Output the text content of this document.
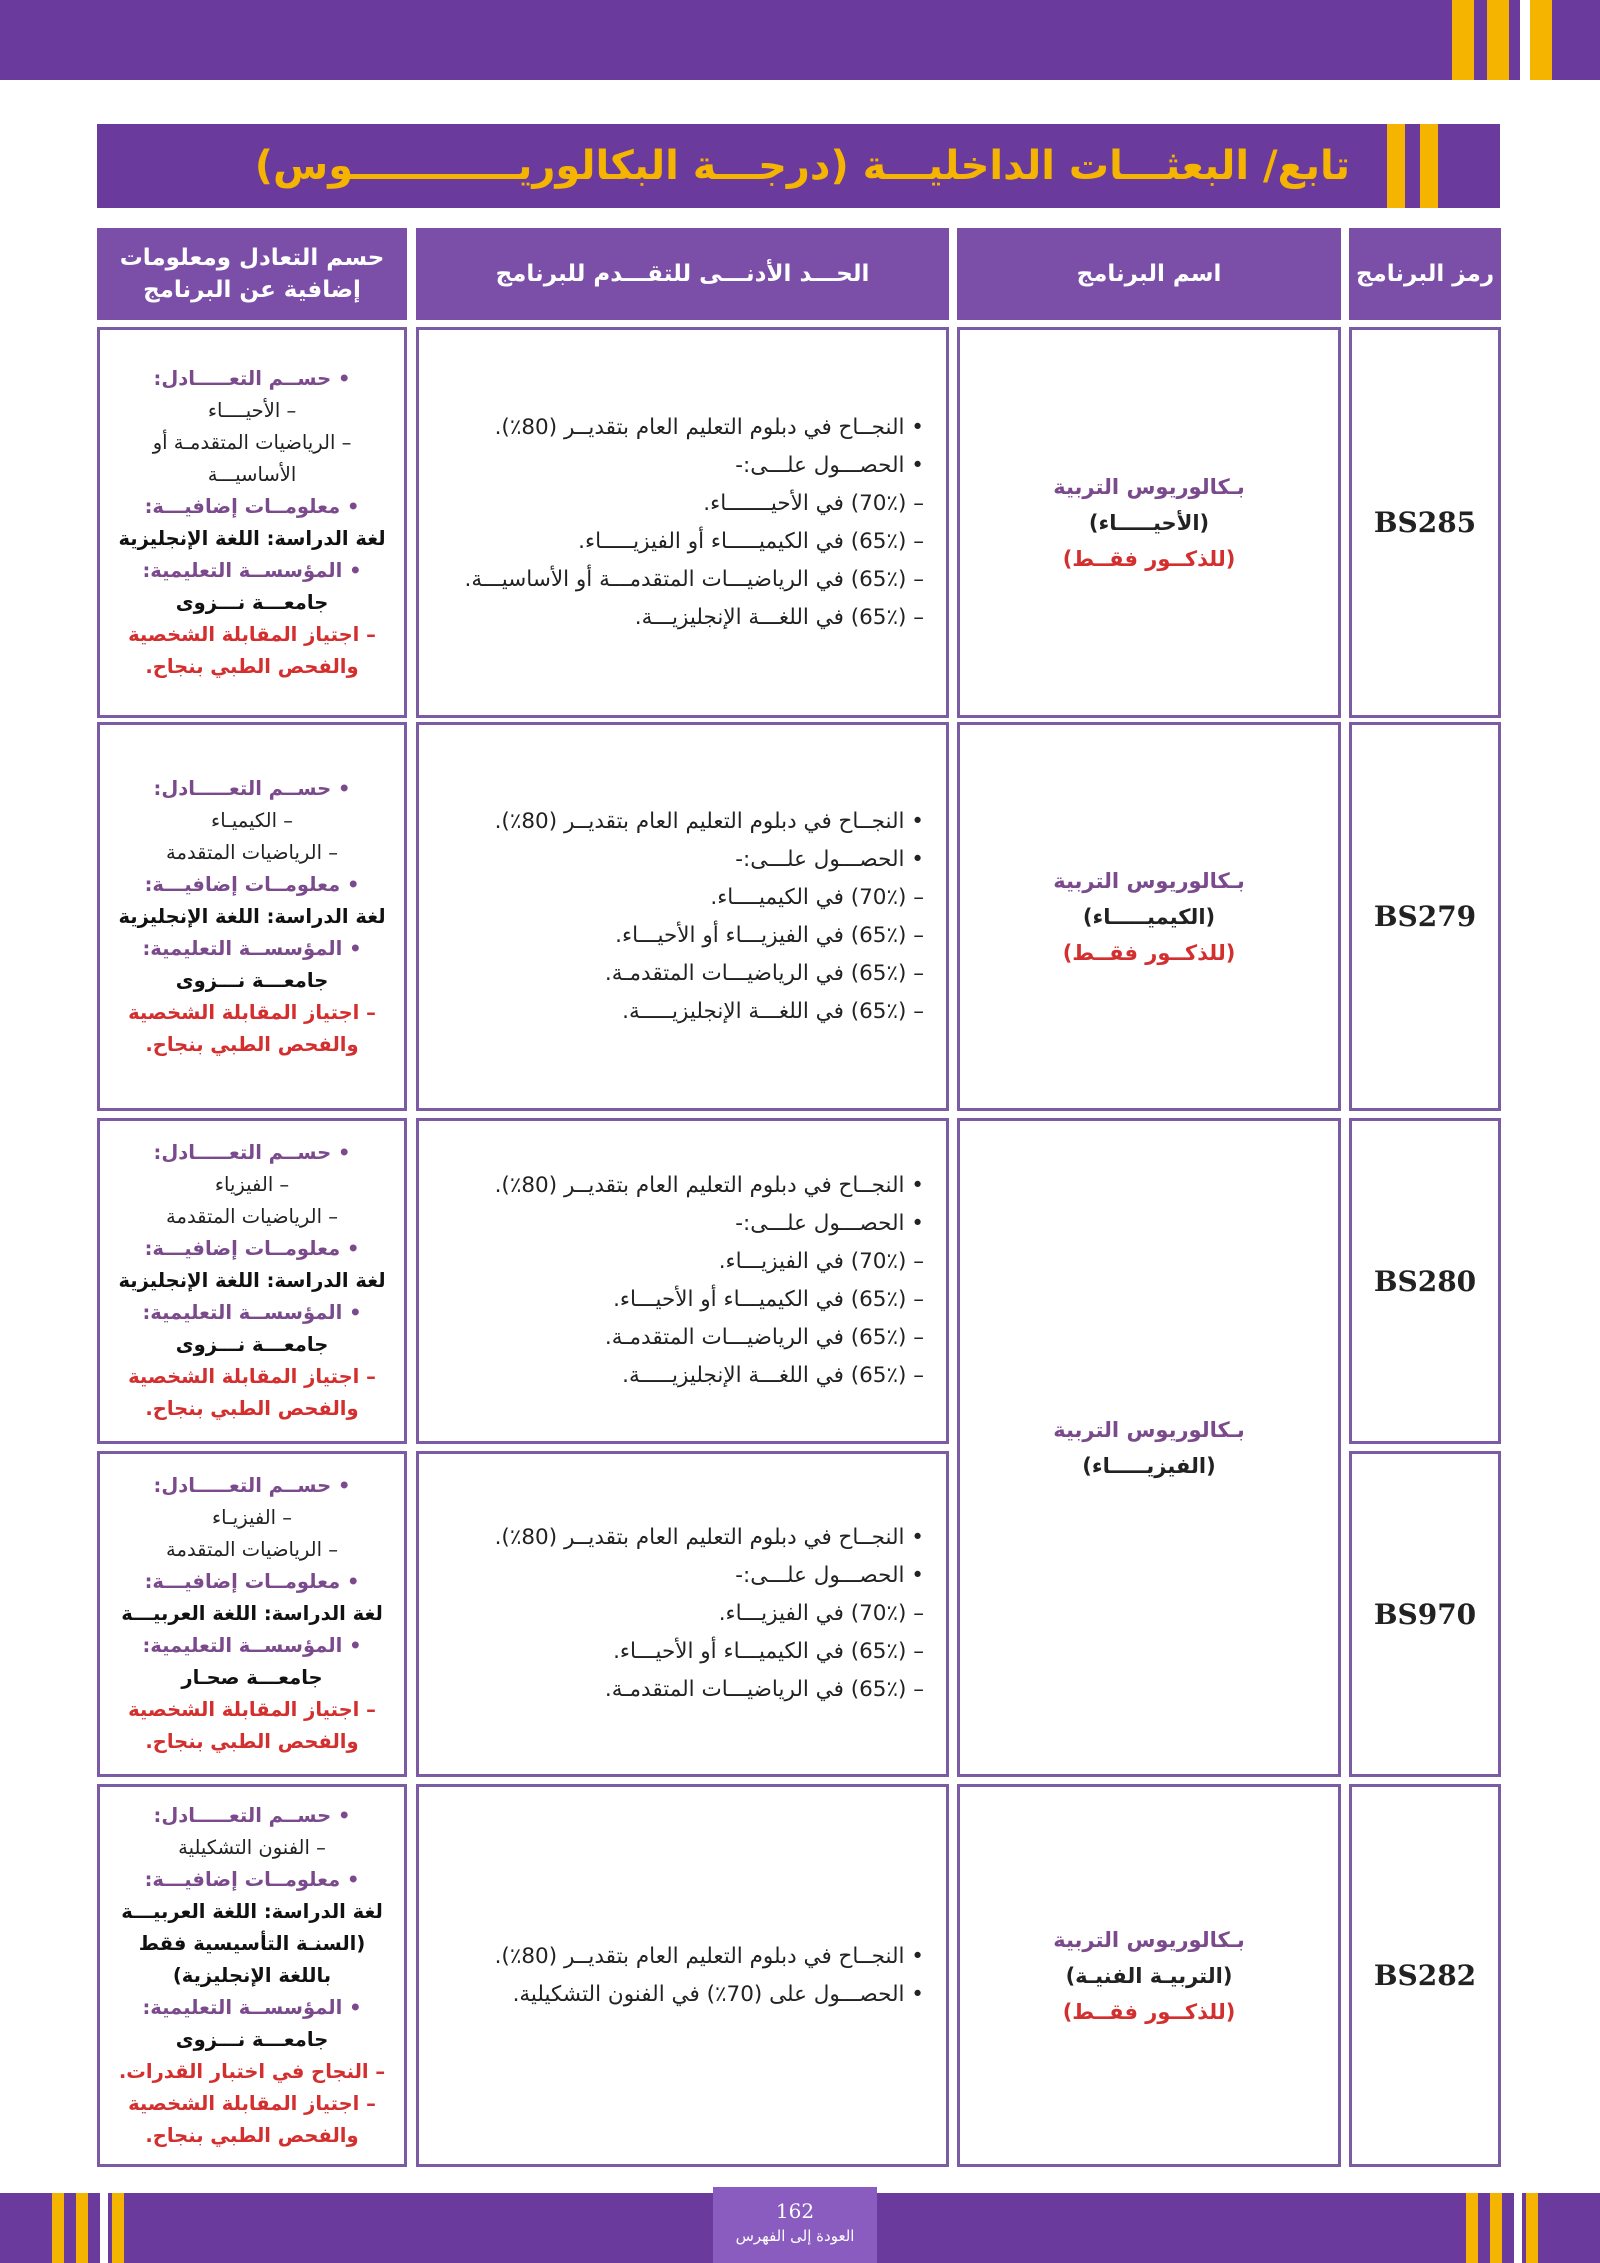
تابع/ البعثـــات الداخليـــة (درجـــة البكالوريــــــــــــوس)
رمز البرنامج
اسم البرنامج
الحـــد الأدنـــى للتقـــدم للبرنامج
حسم التعادل ومعلومات
إضافية عن البرنامج
BS285
بـكالوريوس التربية
(الأحيـــــاء)
(للذكــور فقــط)
• النجــاح في دبلوم التعليم العام بتقديــر (80٪).
• الحصـــول علـــى:-
– (70٪) في الأحيـــــــاء.
– (65٪) في الكيميـــــاء أو الفيزيـــــاء.
– (65٪) في الرياضيـــات المتقدمـــة أو الأساسيـــة.
– (65٪) في اللغـــة الإنجليزيـــة.
• حســم التعـــــادل:
– الأحيــــاء
– الرياضيات المتقدمـة أو
الأساسيـــة
• معلومــات إضافيـــة:
لغة الدراسة: اللغة الإنجليزية
• المؤسســة التعليمية:
جامعـــة نـــزوى
– اجتياز المقابلة الشخصية
والفحص الطبي بنجاح.
BS279
بـكالوريوس التربية
(الكيميـــــاء)
(للذكــور فقــط)
• النجــاح في دبلوم التعليم العام بتقديــر (80٪).
• الحصـــول علـــى:-
– (70٪) في الكيميــــاء.
– (65٪) في الفيزيـــاء أو الأحيـــاء.
– (65٪) في الرياضيـــات المتقدمـة.
– (65٪) في اللغـــة الإنجليزيـــــة.
• حســم التعـــــادل:
– الكيميـاء
– الرياضيات المتقدمة
• معلومــات إضافيـــة:
لغة الدراسة: اللغة الإنجليزية
• المؤسســة التعليمية:
جامعـــة نـــزوى
– اجتياز المقابلة الشخصية
والفحص الطبي بنجاح.
BS280
• النجــاح في دبلوم التعليم العام بتقديــر (80٪).
• الحصـــول علـــى:-
– (70٪) في الفيزيـــاء.
– (65٪) في الكيميـــاء أو الأحيـــاء.
– (65٪) في الرياضيـــات المتقدمـة.
– (65٪) في اللغـــة الإنجليزيـــــة.
• حســم التعـــــادل:
– الفيزياء
– الرياضيات المتقدمة
• معلومــات إضافيـــة:
لغة الدراسة: اللغة الإنجليزية
• المؤسســة التعليمية:
جامعـــة نـــزوى
– اجتياز المقابلة الشخصية
والفحص الطبي بنجاح.
بـكالوريوس التربية
(الفيزيـــــاء)
BS970
• النجــاح في دبلوم التعليم العام بتقديــر (80٪).
• الحصـــول علـــى:-
– (70٪) في الفيزيـــاء.
– (65٪) في الكيميـــاء أو الأحيـــاء.
– (65٪) في الرياضيـــات المتقدمـة.
• حســم التعـــــادل:
– الفيزيـاء
– الرياضيات المتقدمة
• معلومــات إضافيـــة:
لغة الدراسة: اللغة العربيـــة
• المؤسســة التعليمية:
جامعـــة صحـار
– اجتياز المقابلة الشخصية
والفحص الطبي بنجاح.
BS282
بـكالوريوس التربية
(التربيـة الفنيـة)
(للذكــور فقــط)
• النجــاح في دبلوم التعليم العام بتقديــر (80٪).
• الحصـــول على (70٪) في الفنون التشكيلية.
• حســم التعـــــادل:
– الفنون التشكيلية
• معلومــات إضافيـــة:
لغة الدراسة: اللغة العربيـــة
(السنـة التأسيسية فقط
باللغة الإنجليزية)
• المؤسســة التعليمية:
جامعـــة نـــزوى
– النجاح في اختبار القدرات.
– اجتياز المقابلة الشخصية
والفحص الطبي بنجاح.
162
العودة إلى الفهرس
